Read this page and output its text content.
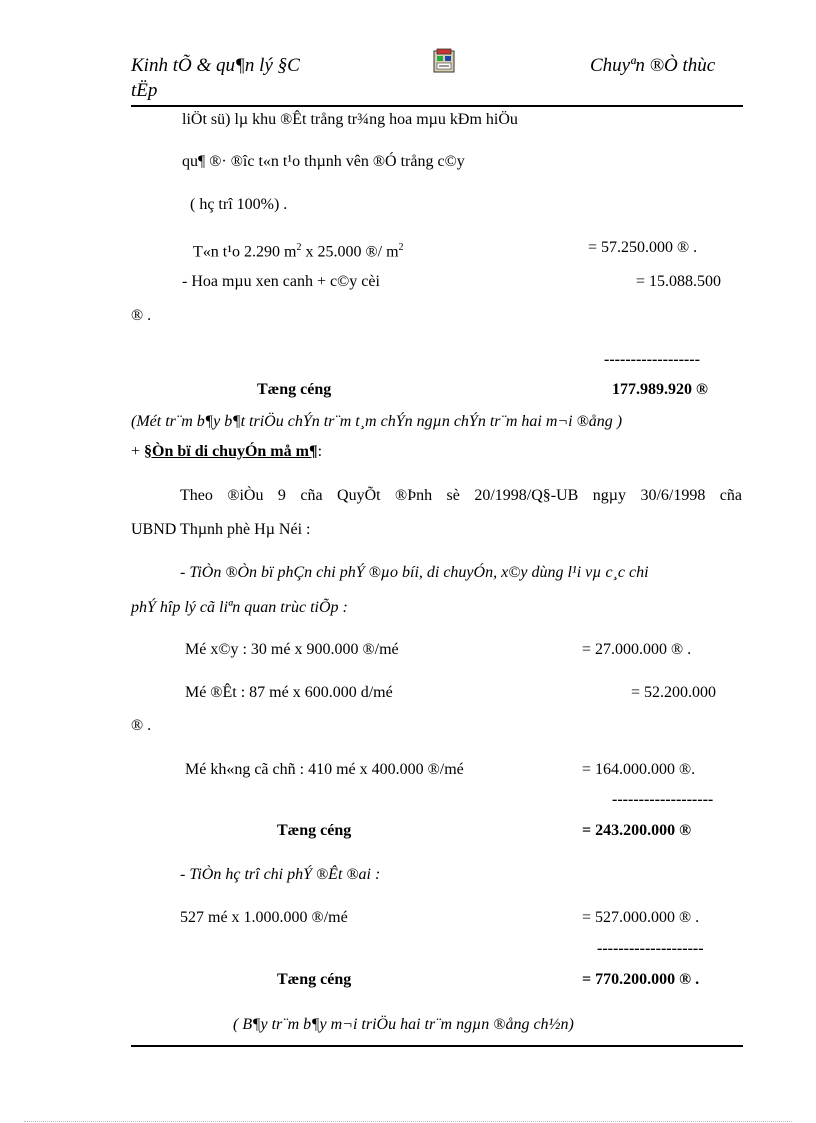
Kinh tÕ & qu¶n lý §C
tËp
Chuyªn ®Ò thùc
liÖt sü) lµ khu ®Êt trång tr¾ng hoa mµu kÐm hiÖu
qu¶ ®· ®îc t«n t¹o thµnh vên ®Ó trång c©y
( hç trî 100%) .
T«n t¹o 2.290 $m^2$ x 25.000 ®/ $m^2$	= 57.250.000 ® .
- Hoa mµu xen canh + c©y cèi	= 15.088.500
® .
------------------
Tæng céng	177.989.920 ®
(Mét tr¨m b¶y b¶t triÖu chÝn tr¨m t¸m chÝn ngµn chÝn tr¨m hai m¬i ®ång )
+ §Òn bï di chuyÓn må m¶:
Theo ®iÒu 9 cña QuyÕt ®Þnh sè 20/1998/Q§-UB ngµy 30/6/1998 cña
UBND Thµnh phè Hµ Néi :
- TiÒn ®Òn bï phÇn chi phÝ ®µo bíi, di chuyÓn, x©y dùng l¹i vµ c¸c chi
phÝ hîp lý cã liªn quan trùc tiÕp :
Mé x©y : 30 mé x 900.000 ®/mé	= 27.000.000 ® .
Mé ®Êt : 87 mé x 600.000 d/mé	= 52.200.000
® .
Mé kh«ng cã chñ : 410 mé x 400.000 ®/mé	= 164.000.000 ®.
-------------------
Tæng céng	= 243.200.000 ®
- TiÒn hç trî chi phÝ ®Êt ®ai :
527 mé x 1.000.000 ®/mé	= 527.000.000 ® .
--------------------
Tæng céng	= 770.200.000 ® .
( B¶y tr¨m b¶y m¬i triÖu hai tr¨m ngµn ®ång ch½n)
